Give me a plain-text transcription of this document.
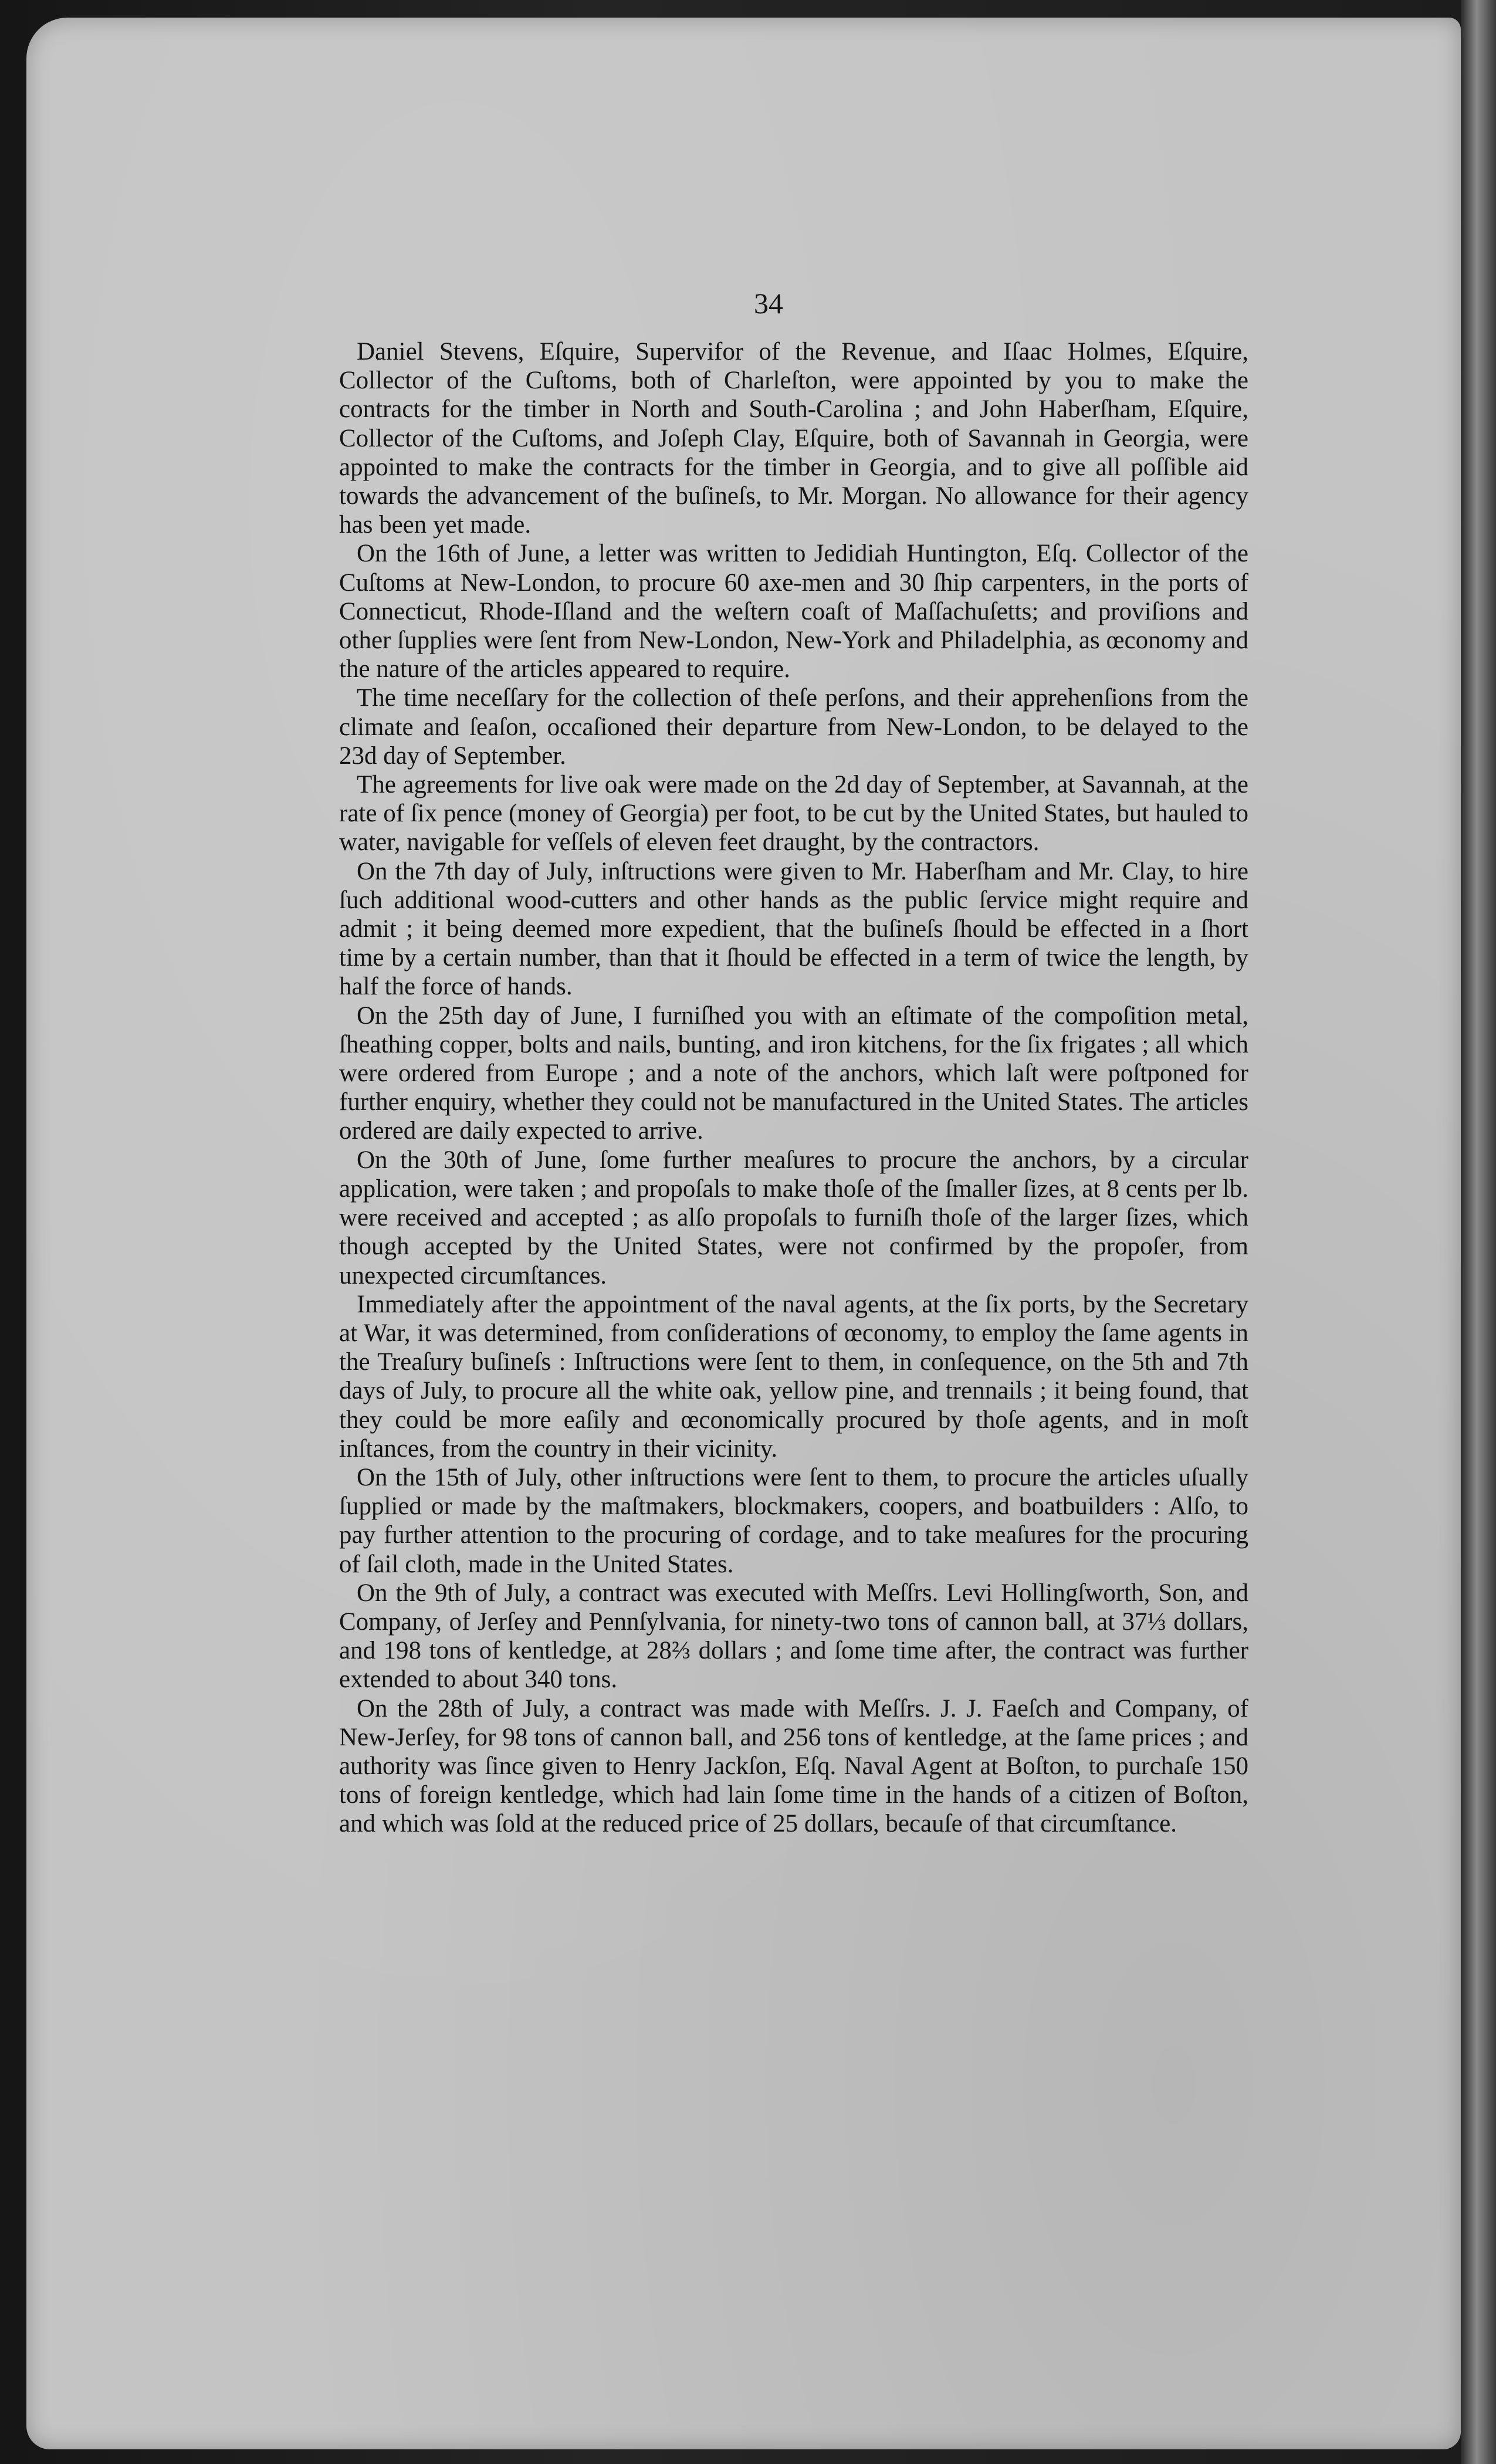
34

Daniel Stevens, Eſquire, Supervifor of the Revenue, and Iſaac Holmes, Eſquire, Collector of the Cuſtoms, both of Charleſton, were appointed by you to make the contracts for the timber in North and South-Carolina ; and John Haberſham, Eſquire, Collector of the Cuſtoms, and Joſeph Clay, Eſquire, both of Savannah in Georgia, were appointed to make the contracts for the timber in Georgia, and to give all poſſible aid towards the advancement of the buſineſs, to Mr. Morgan. No allowance for their agency has been yet made.

On the 16th of June, a letter was written to Jedidiah Huntington, Eſq. Collector of the Cuſtoms at New-London, to procure 60 axe-men and 30 ſhip carpenters, in the ports of Connecticut, Rhode-Iſland and the weſtern coaſt of Maſſachuſetts; and proviſions and other ſupplies were ſent from New-London, New-York and Philadelphia, as œconomy and the nature of the articles appeared to require.

The time neceſſary for the collection of theſe perſons, and their apprehenſions from the climate and ſeaſon, occaſioned their departure from New-London, to be delayed to the 23d day of September.

The agreements for live oak were made on the 2d day of September, at Savannah, at the rate of ſix pence (money of Georgia) per foot, to be cut by the United States, but hauled to water, navigable for veſſels of eleven feet draught, by the contractors.

On the 7th day of July, inſtructions were given to Mr. Haberſham and Mr. Clay, to hire ſuch additional wood-cutters and other hands as the public ſervice might require and admit ; it being deemed more expedient, that the buſineſs ſhould be effected in a ſhort time by a certain number, than that it ſhould be effected in a term of twice the length, by half the force of hands.

On the 25th day of June, I furniſhed you with an eſtimate of the compoſition metal, ſheathing copper, bolts and nails, bunting, and iron kitchens, for the ſix frigates ; all which were ordered from Europe ; and a note of the anchors, which laſt were poſtponed for further enquiry, whether they could not be manufactured in the United States. The articles ordered are daily expected to arrive.

On the 30th of June, ſome further meaſures to procure the anchors, by a circular application, were taken ; and propoſals to make thoſe of the ſmaller ſizes, at 8 cents per lb. were received and accepted ; as alſo propoſals to furniſh thoſe of the larger ſizes, which though accepted by the United States, were not confirmed by the propoſer, from unexpected circumſtances.

Immediately after the appointment of the naval agents, at the ſix ports, by the Secretary at War, it was determined, from conſiderations of œconomy, to employ the ſame agents in the Treaſury buſineſs : Inſtructions were ſent to them, in conſequence, on the 5th and 7th days of July, to procure all the white oak, yellow pine, and trennails ; it being found, that they could be more eaſily and œconomically procured by thoſe agents, and in moſt inſtances, from the country in their vicinity.

On the 15th of July, other inſtructions were ſent to them, to procure the articles uſually ſupplied or made by the maſtmakers, blockmakers, coopers, and boatbuilders : Alſo, to pay further attention to the procuring of cordage, and to take meaſures for the procuring of ſail cloth, made in the United States.

On the 9th of July, a contract was executed with Meſſrs. Levi Hollingſworth, Son, and Company, of Jerſey and Pennſylvania, for ninety-two tons of cannon ball, at 37⅓ dollars, and 198 tons of kentledge, at 28⅔ dollars ; and ſome time after, the contract was further extended to about 340 tons.

On the 28th of July, a contract was made with Meſſrs. J. J. Faeſch and Company, of New-Jerſey, for 98 tons of cannon ball, and 256 tons of kentledge, at the ſame prices ; and authority was ſince given to Henry Jackſon, Eſq. Naval Agent at Boſton, to purchaſe 150 tons of foreign kentledge, which had lain ſome time in the hands of a citizen of Boſton, and which was ſold at the reduced price of 25 dollars, becauſe of that circumſtance.
